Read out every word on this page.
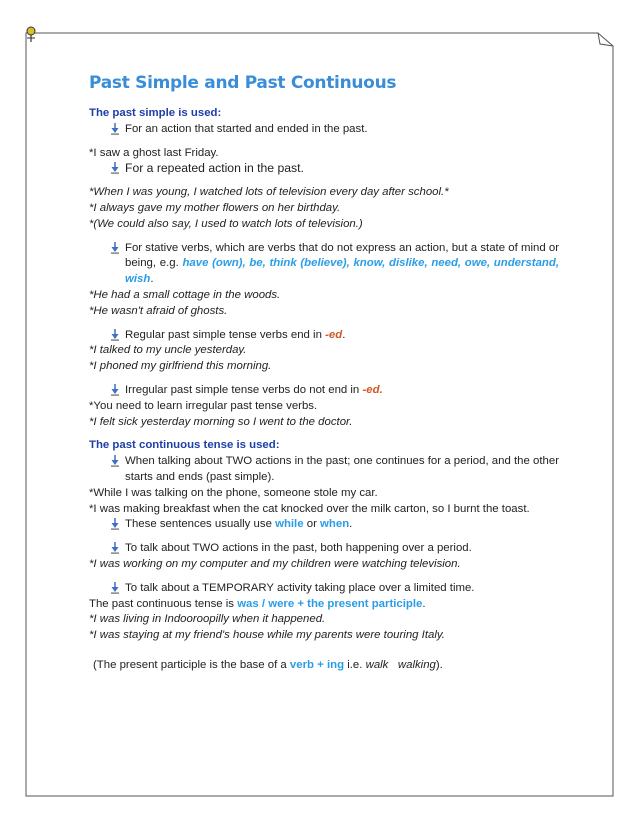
Past Simple and Past Continuous
The past simple is used:
For an action that started and ended in the past.
*I saw a ghost last Friday.
For a repeated action in the past.
*When I was young, I watched lots of television every day after school.*
*I always gave my mother flowers on her birthday.
*(We could also say, I used to watch lots of television.)
For stative verbs, which are verbs that do not express an action, but a state of mind or being, e.g. have (own), be, think (believe), know, dislike, need, owe, understand, wish.
*He had a small cottage in the woods.
*He wasn't afraid of ghosts.
Regular past simple tense verbs end in -ed.
*I talked to my uncle yesterday.
*I phoned my girlfriend this morning.
Irregular past simple tense verbs do not end in -ed.
*You need to learn irregular past tense verbs.
*I felt sick yesterday morning so I went to the doctor.
The past continuous tense is used:
When talking about TWO actions in the past; one continues for a period, and the other starts and ends (past simple).
*While I was talking on the phone, someone stole my car.
*I was making breakfast when the cat knocked over the milk carton, so I burnt the toast.
These sentences usually use while or when.
To talk about TWO actions in the past, both happening over a period.
*I was working on my computer and my children were watching television.
To talk about a TEMPORARY activity taking place over a limited time.
The past continuous tense is was / were + the present participle.
*I was living in Indooroopilly when it happened.
*I was staying at my friend's house while my parents were touring Italy.
(The present participle is the base of a verb + ing i.e. walk walking).
